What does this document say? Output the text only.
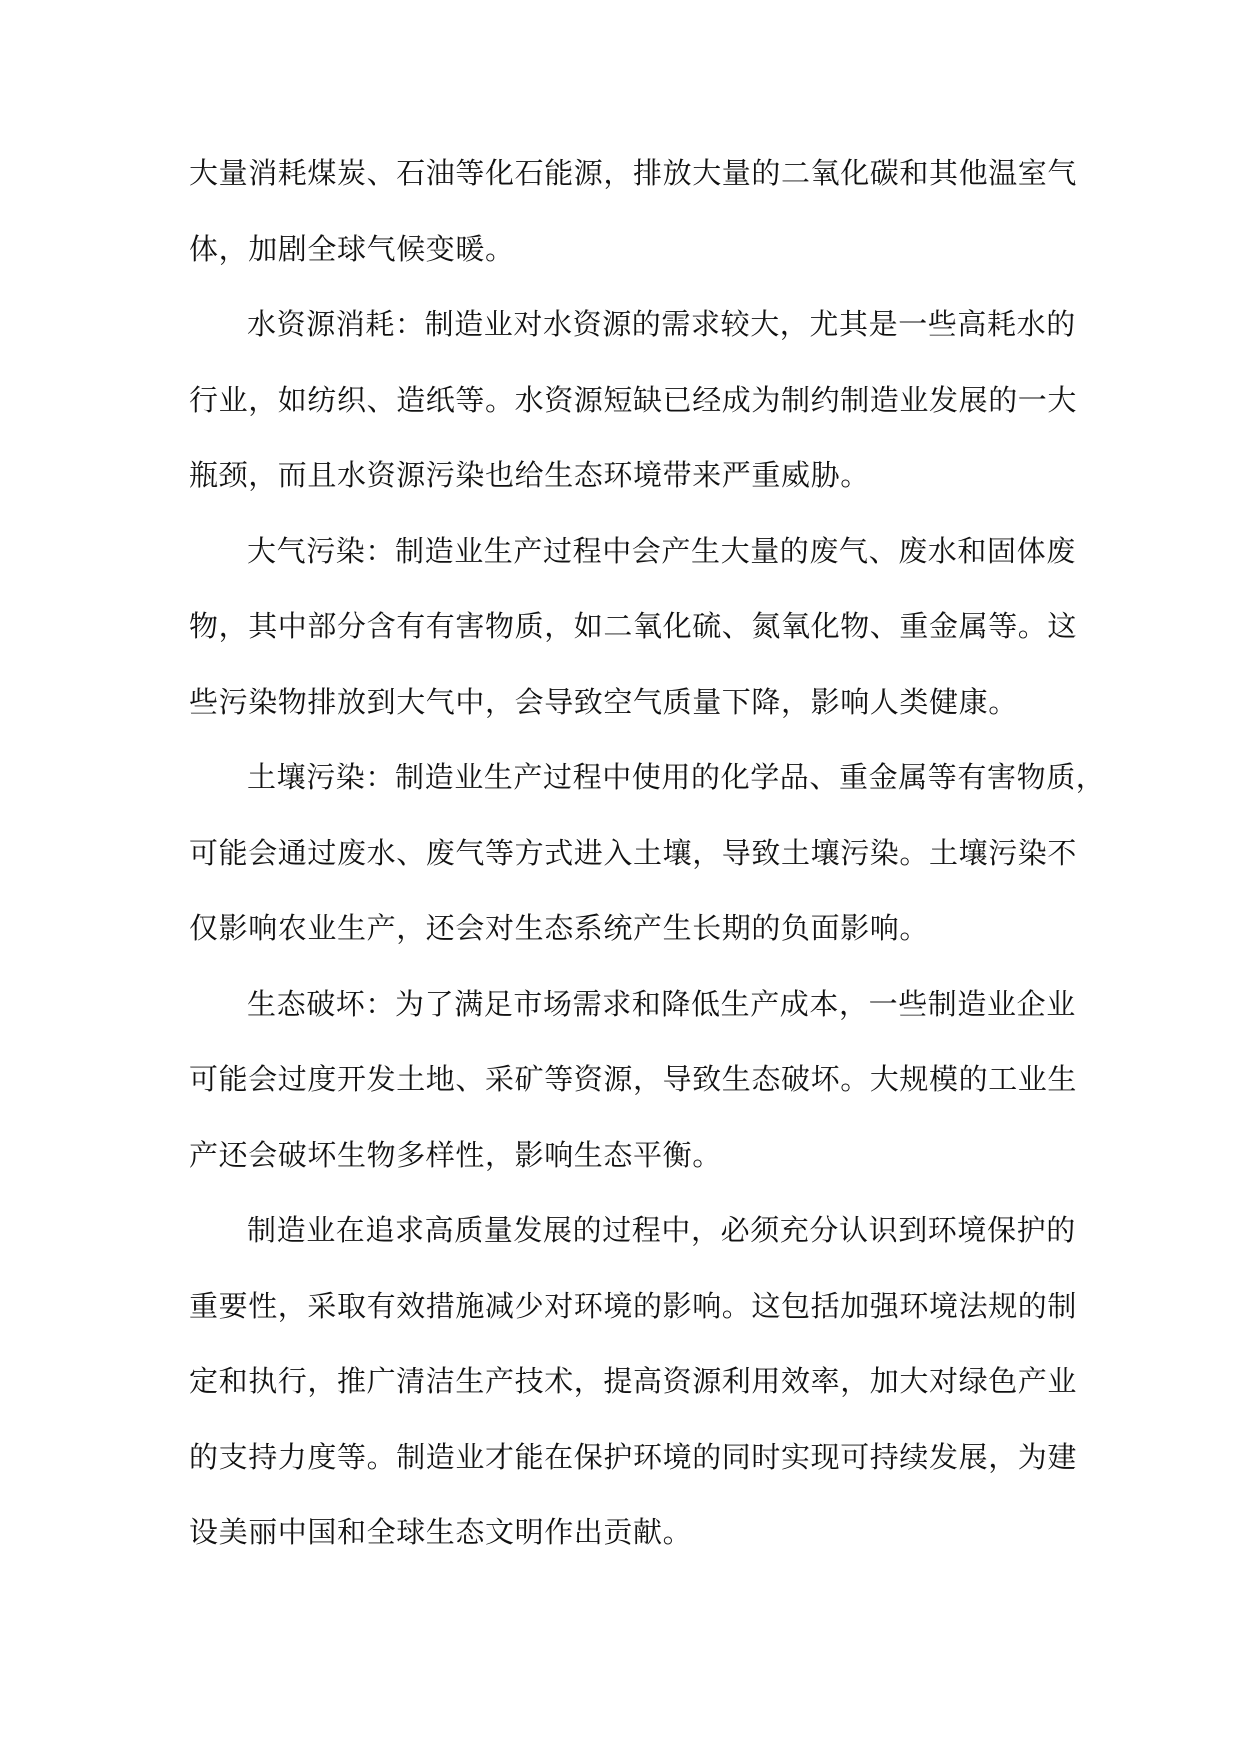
大量消耗煤炭、石油等化石能源，排放大量的二氧化碳和其他温室气

体，加剧全球气候变暖。

水资源消耗：制造业对水资源的需求较大，尤其是一些高耗水的

行业，如纺织、造纸等。水资源短缺已经成为制约制造业发展的一大

瓶颈，而且水资源污染也给生态环境带来严重威胁。

大气污染：制造业生产过程中会产生大量的废气、废水和固体废

物，其中部分含有有害物质，如二氧化硫、氮氧化物、重金属等。这

些污染物排放到大气中，会导致空气质量下降，影响人类健康。

土壤污染：制造业生产过程中使用的化学品、重金属等有害物质，

可能会通过废水、废气等方式进入土壤，导致土壤污染。土壤污染不

仅影响农业生产，还会对生态系统产生长期的负面影响。

生态破坏：为了满足市场需求和降低生产成本，一些制造业企业

可能会过度开发土地、采矿等资源，导致生态破坏。大规模的工业生

产还会破坏生物多样性，影响生态平衡。

制造业在追求高质量发展的过程中，必须充分认识到环境保护的

重要性，采取有效措施减少对环境的影响。这包括加强环境法规的制

定和执行，推广清洁生产技术，提高资源利用效率，加大对绿色产业

的支持力度等。制造业才能在保护环境的同时实现可持续发展，为建

设美丽中国和全球生态文明作出贡献。
